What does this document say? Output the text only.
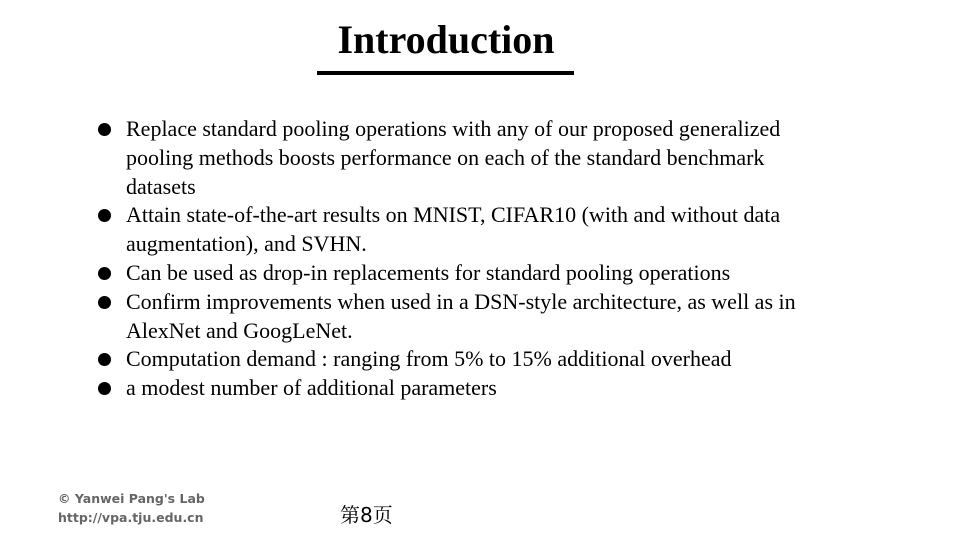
Introduction
Replace standard pooling operations with any of our proposed generalized pooling methods boosts performance on each of the standard benchmark datasets
Attain state-of-the-art results on MNIST, CIFAR10 (with and without data augmentation), and SVHN.
Can be used as drop-in replacements for standard pooling operations
Confirm improvements when used in a DSN-style architecture, as well as in AlexNet and GoogLeNet.
Computation demand : ranging from 5% to 15% additional overhead
a modest number of additional parameters
© Yanwei Pang's Lab
http://vpa.tju.edu.cn	第8页
